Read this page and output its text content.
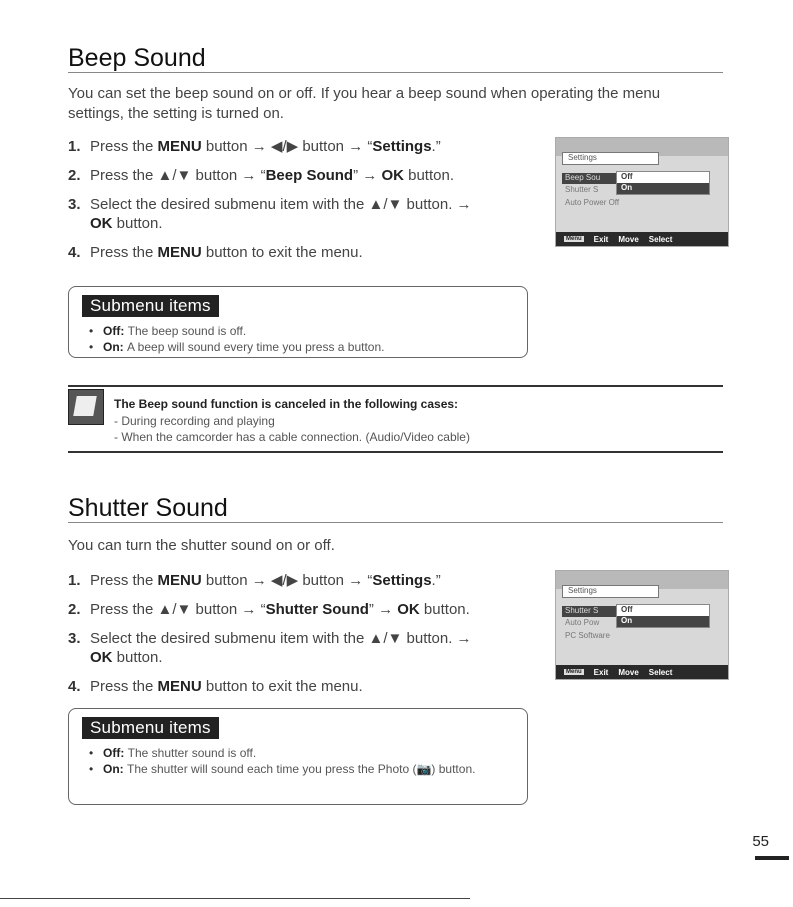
Beep Sound

You can set the beep sound on or off. If you hear a beep sound when operating the menu settings, the setting is turned on.

1. Press the MENU button → ◀/▶ button → “Settings.”
2. Press the ▲/▼ button → “Beep Sound” → OK button.
3. Select the desired submenu item with the ▲/▼ button. → OK button.
4. Press the MENU button to exit the menu.
Settings
Beep Sou
Shutter S
Auto Power Off
Off
On
Menu Exit Move Select
Submenu items
• Off: The beep sound is off.
• On: A beep will sound every time you press a button.
The Beep sound function is canceled in the following cases:
- During recording and playing
- When the camcorder has a cable connection. (Audio/Video cable)
Shutter Sound

You can turn the shutter sound on or off.

1. Press the MENU button → ◀/▶ button → “Settings.”
2. Press the ▲/▼ button → “Shutter Sound” → OK button.
3. Select the desired submenu item with the ▲/▼ button. → OK button.
4. Press the MENU button to exit the menu.
Settings
Shutter S
Auto Pow
PC Software
Off
On
Menu Exit Move Select
Submenu items
• Off: The shutter sound is off.
• On: The shutter will sound each time you press the Photo (📷) button.
55
